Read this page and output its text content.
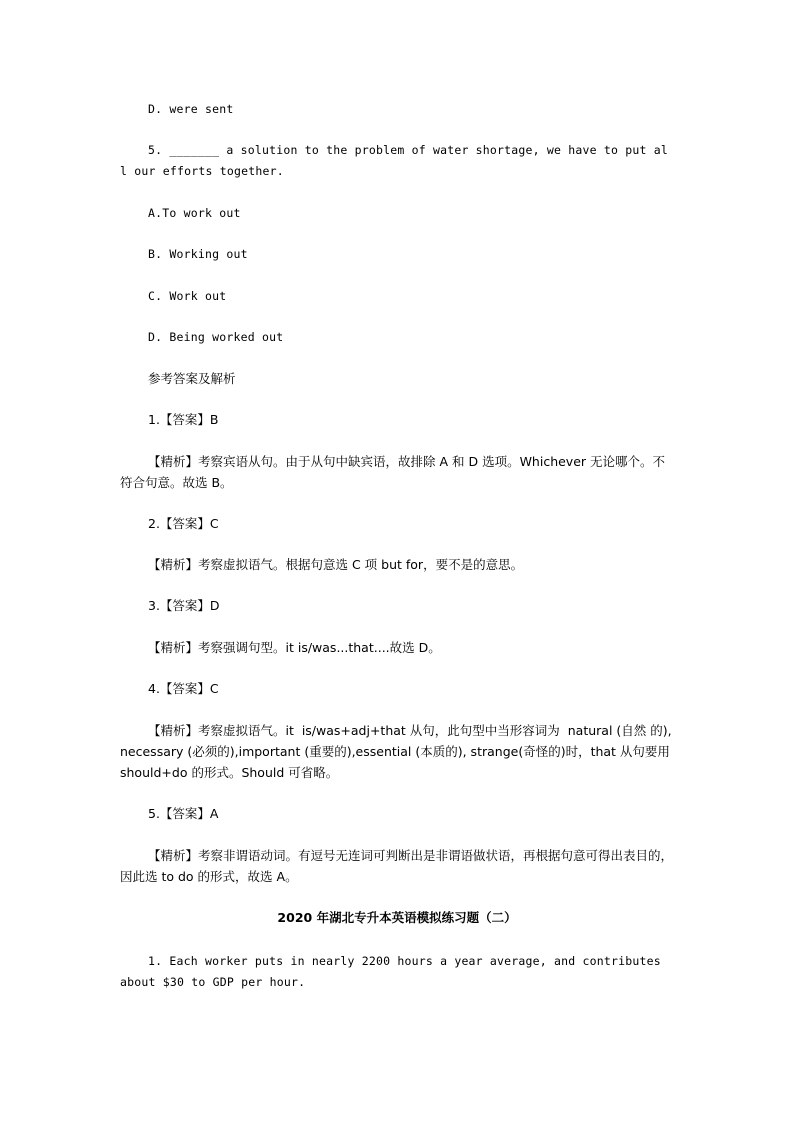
D. were sent
5. _______ a solution to the problem of water shortage, we have to put all our efforts together.
A.To work out
B. Working out
C. Work out
D. Being worked out
参考答案及解析
1.【答案】B
【精析】考察宾语从句。由于从句中缺宾语，故排除 A 和 D 选项。Whichever 无论哪个。不符合句意。故选 B。
2.【答案】C
【精析】考察虚拟语气。根据句意选 C 项 but for，要不是的意思。
3.【答案】D
【精析】考察强调句型。it is/was...that....故选 D。
4.【答案】C
【精析】考察虚拟语气。it  is/was+adj+that 从句，此句型中当形容词为  natural (自然 的), necessary (必须的),important (重要的),essential (本质的), strange(奇怪的)时，that 从句要用 should+do 的形式。Should 可省略。
5.【答案】A
【精析】考察非谓语动词。有逗号无连词可判断出是非谓语做状语，再根据句意可得出表目的，因此选 to do 的形式，故选 A。
2020 年湖北专升本英语模拟练习题（二）
1. Each worker puts in nearly 2200 hours a year average, and contributes about $30 to GDP per hour.
